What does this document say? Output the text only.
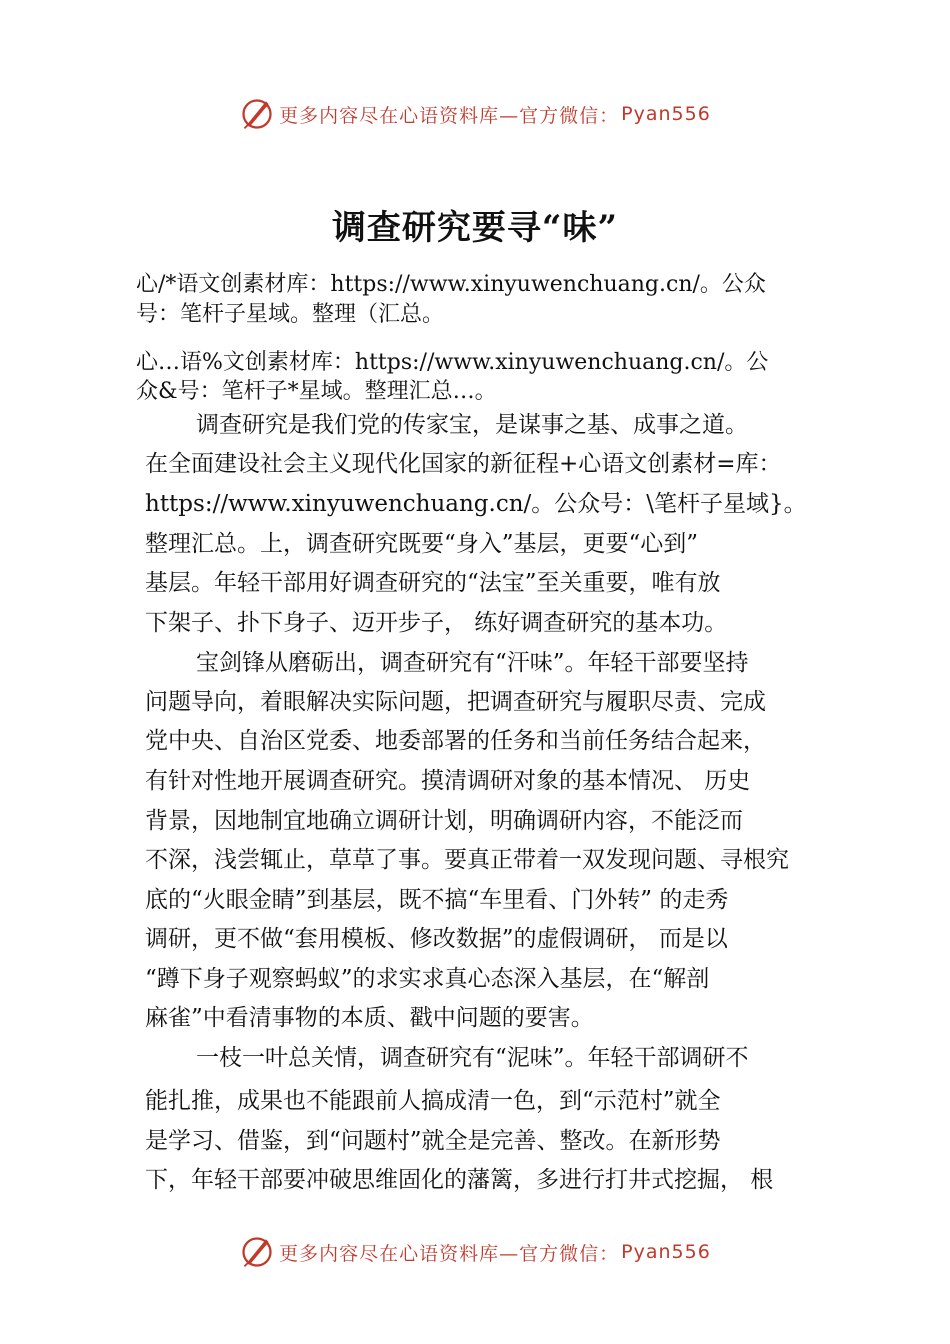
更多内容尽在心语资料库—官方微信： Pyan556
调查研究要寻“味”
心/*语文创素材库：https://www.xinyuwenchuang.cn/。公众
号：笔杆子星域。整理（汇总。
心…语%文创素材库：https://www.xinyuwenchuang.cn/。公
众&号：笔杆子*星域。整理汇总…。
调查研究是我们党的传家宝，是谋事之基、成事之道。
在全面建设社会主义现代化国家的新征程+心语文创素材=库：
https://www.xinyuwenchuang.cn/。公众号：\笔杆子星域}。
整理汇总。上，调查研究既要“身入”基层，更要“心到”
基层。年轻干部用好调查研究的“法宝”至关重要，唯有放
下架子、扑下身子、迈开步子， 练好调查研究的基本功。
宝剑锋从磨砺出，调查研究有“汗味”。年轻干部要坚持
问题导向，着眼解决实际问题，把调查研究与履职尽责、完成
党中央、自治区党委、地委部署的任务和当前任务结合起来，
有针对性地开展调查研究。摸清调研对象的基本情况、 历史
背景，因地制宜地确立调研计划，明确调研内容，不能泛而
不深，浅尝辄止，草草了事。要真正带着一双发现问题、寻根究
底的“火眼金睛”到基层，既不搞“车里看、门外转” 的走秀
调研，更不做“套用模板、修改数据”的虚假调研， 而是以
“蹲下身子观察蚂蚁”的求实求真心态深入基层，在“解剖
麻雀”中看清事物的本质、戳中问题的要害。
一枝一叶总关情，调查研究有“泥味”。年轻干部调研不
能扎推，成果也不能跟前人搞成清一色，到“示范村”就全
是学习、借鉴，到“问题村”就全是完善、整改。在新形势
下，年轻干部要冲破思维固化的藩篱，多进行打井式挖掘， 根
更多内容尽在心语资料库—官方微信： Pyan556
